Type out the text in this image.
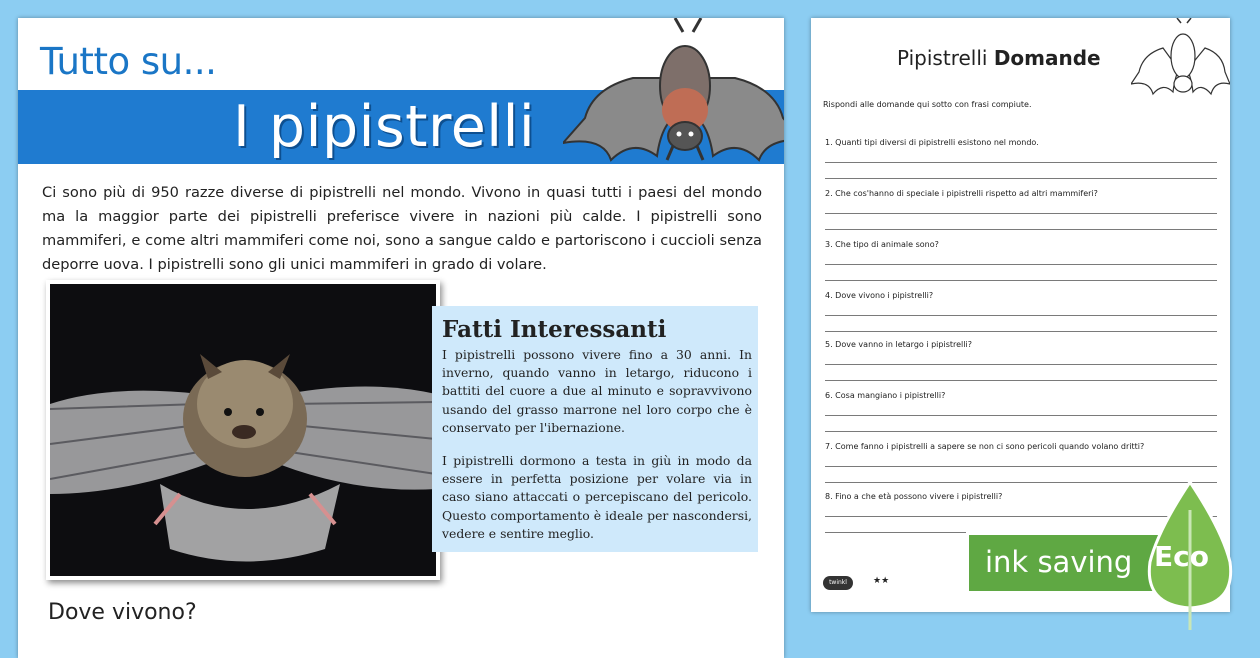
Tutto su...
I pipistrelli
Ci sono più di 950 razze diverse di pipistrelli nel mondo. Vivono in quasi tutti i paesi del mondo ma la maggior parte dei pipistrelli preferisce vivere in nazioni più calde. I pipistrelli sono mammiferi, e come altri mammiferi come noi, sono a sangue caldo e partoriscono i cuccioli senza deporre uova. I pipistrelli sono gli unici mammiferi in grado di volare.
Fatti Interessanti

I pipistrelli possono vivere fino a 30 anni. In inverno, quando vanno in letargo, riducono i battiti del cuore a due al minuto e sopravvivono usando del grasso marrone nel loro corpo che è conservato per l'ibernazione.

I pipistrelli dormono a testa in giù in modo da essere in perfetta posizione per volare via in caso siano attaccati o percepiscano del pericolo. Questo comportamento è ideale per nascondersi, vedere e sentire meglio.

Dove vivono?
Pipistrelli Domande
Rispondi alle domande qui sotto con frasi compiute.
1. Quanti tipi diversi di pipistrelli esistono nel mondo.
2. Che cos'hanno di speciale i pipistrelli rispetto ad altri mammiferi?
3. Che tipo di animale sono?
4. Dove vivono i pipistrelli?
5. Dove vanno in letargo i pipistrelli?
6. Cosa mangiano i pipistrelli?
7. Come fanno i pipistrelli a sapere se non ci sono pericoli quando volano dritti?
8. Fino a che età possono vivere i pipistrelli?
twinkl	★★
ink saving Eco
